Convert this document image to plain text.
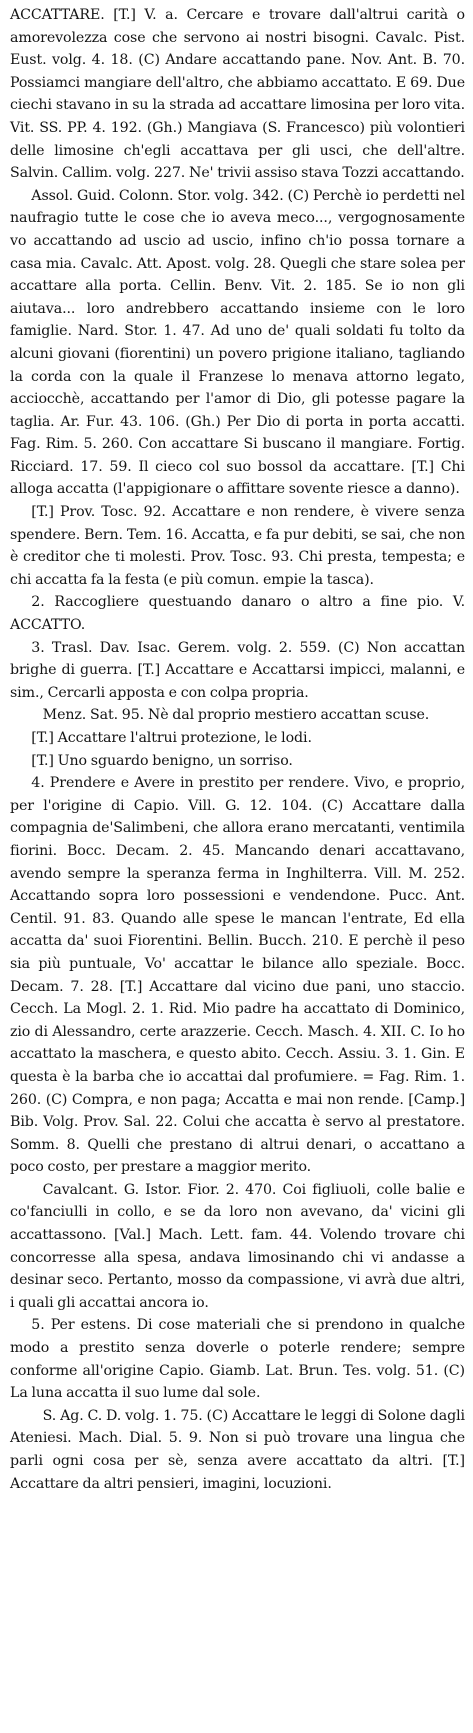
ACCATTARE. [T.] V. a. Cercare e trovare dall'altrui carità o amorevolezza cose che servono ai nostri bisogni. Cavalc. Pist. Eust. volg. 4. 18. (C) Andare accattando pane. Nov. Ant. B. 70. Possiamci mangiare dell'altro, che abbiamo accattato. E 69. Due ciechi stavano in su la strada ad accattare limosina per loro vita. Vit. SS. PP. 4. 192. (Gh.) Mangiava (S. Francesco) più volontieri delle limosine ch'egli accattava per gli usci, che dell'altre. Salvin. Callim. volg. 227. Ne' trivii assiso stava Tozzi accattando.

Assol. Guid. Colonn. Stor. volg. 342. (C) Perchè io perdetti nel naufragio tutte le cose che io aveva meco..., vergognosamente vo accattando ad uscio ad uscio, infino ch'io possa tornare a casa mia. Cavalc. Att. Apost. volg. 28. Quegli che stare solea per accattare alla porta. Cellin. Benv. Vit. 2. 185. Se io non gli aiutava... loro andrebbero accattando insieme con le loro famiglie. Nard. Stor. 1. 47. Ad uno de' quali soldati fu tolto da alcuni giovani (fiorentini) un povero prigione italiano, tagliando la corda con la quale il Franzese lo menava attorno legato, acciocchè, accattando per l'amor di Dio, gli potesse pagare la taglia. Ar. Fur. 43. 106. (Gh.) Per Dio di porta in porta accatti. Fag. Rim. 5. 260. Con accattare Si buscano il mangiare. Fortig. Ricciard. 17. 59. Il cieco col suo bossol da accattare. [T.] Chi alloga accatta (l'appigionare o affittare sovente riesce a danno).

[T.] Prov. Tosc. 92. Accattare e non rendere, è vivere senza spendere. Bern. Tem. 16. Accatta, e fa pur debiti, se sai, che non è creditor che ti molesti. Prov. Tosc. 93. Chi presta, tempesta; e chi accatta fa la festa (e più comun. empie la tasca).

2. Raccogliere questuando danaro o altro a fine pio. V. ACCATTO.

3. Trasl. Dav. Isac. Gerem. volg. 2. 559. (C) Non accattan brighe di guerra. [T.] Accattare e Accattarsi impicci, malanni, e sim., Cercarli apposta e con colpa propria.

Menz. Sat. 95. Nè dal proprio mestiero accattan scuse.

[T.] Accattare l'altrui protezione, le lodi.

[T.] Uno sguardo benigno, un sorriso.

4. Prendere e Avere in prestito per rendere. Vivo, e proprio, per l'origine di Capio. Vill. G. 12. 104. (C) Accattare dalla compagnia de'Salimbeni, che allora erano mercatanti, ventimila fiorini. Bocc. Decam. 2. 45. Mancando denari accattavano, avendo sempre la speranza ferma in Inghilterra. Vill. M. 252. Accattando sopra loro possessioni e vendendone. Pucc. Ant. Centil. 91. 83. Quando alle spese le mancan l'entrate, Ed ella accatta da' suoi Fiorentini. Bellin. Bucch. 210. E perchè il peso sia più puntuale, Vo' accattar le bilance allo speziale. Bocc. Decam. 7. 28. [T.] Accattare dal vicino due pani, uno staccio. Cecch. La Mogl. 2. 1. Rid. Mio padre ha accattato di Dominico, zio di Alessandro, certe arazzerie. Cecch. Masch. 4. XII. C. Io ho accattato la maschera, e questo abito. Cecch. Assiu. 3. 1. Gin. E questa è la barba che io accattai dal profumiere. = Fag. Rim. 1. 260. (C) Compra, e non paga; Accatta e mai non rende. [Camp.] Bib. Volg. Prov. Sal. 22. Colui che accatta è servo al prestatore. Somm. 8. Quelli che prestano di altrui denari, o accattano a poco costo, per prestare a maggior merito.

Cavalcant. G. Istor. Fior. 2. 470. Coi figliuoli, colle balie e co'fanciulli in collo, e se da loro non avevano, da' vicini gli accattassono. [Val.] Mach. Lett. fam. 44. Volendo trovare chi concorresse alla spesa, andava limosinando chi vi andasse a desinar seco. Pertanto, mosso da compassione, vi avrà due altri, i quali gli accattai ancora io.

5. Per estens. Di cose materiali che si prendono in qualche modo a prestito senza doverle o poterle rendere; sempre conforme all'origine Capio. Giamb. Lat. Brun. Tes. volg. 51. (C) La luna accatta il suo lume dal sole.

S. Ag. C. D. volg. 1. 75. (C) Accattare le leggi di Solone dagli Ateniesi. Mach. Dial. 5. 9. Non si può trovare una lingua che parli ogni cosa per sè, senza avere accattato da altri. [T.] Accattare da altri pensieri, imagini, locuzioni.
